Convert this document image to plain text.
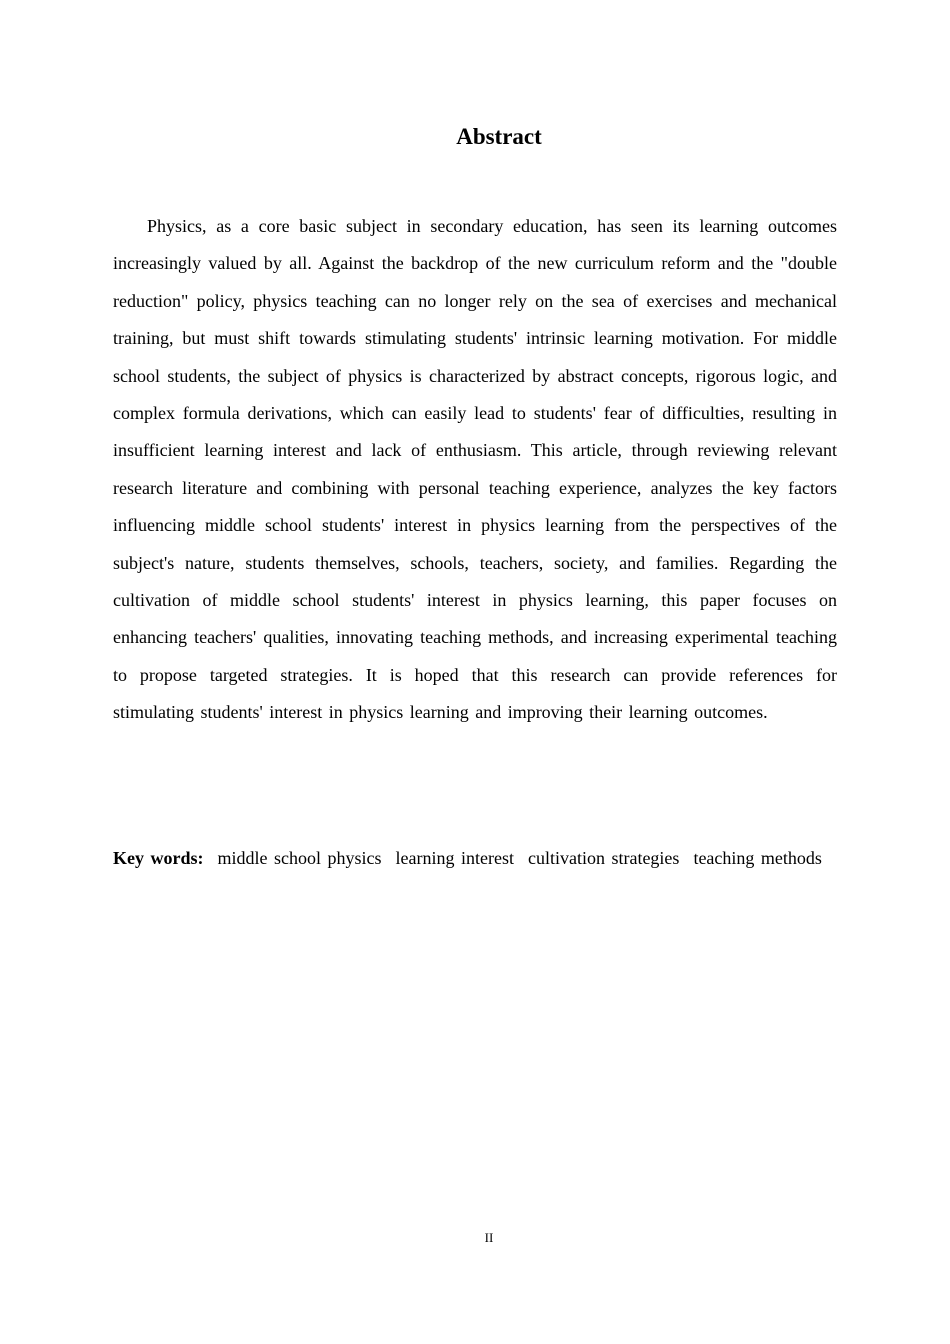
Abstract

Physics, as a core basic subject in secondary education, has seen its learning outcomes increasingly valued by all. Against the backdrop of the new curriculum reform and the "double reduction" policy, physics teaching can no longer rely on the sea of exercises and mechanical training, but must shift towards stimulating students' intrinsic learning motivation. For middle school students, the subject of physics is characterized by abstract concepts, rigorous logic, and complex formula derivations, which can easily lead to students' fear of difficulties, resulting in insufficient learning interest and lack of enthusiasm. This article, through reviewing relevant research literature and combining with personal teaching experience, analyzes the key factors influencing middle school students' interest in physics learning from the perspectives of the subject's nature, students themselves, schools, teachers, society, and families. Regarding the cultivation of middle school students' interest in physics learning, this paper focuses on enhancing teachers' qualities, innovating teaching methods, and increasing experimental teaching to propose targeted strategies. It is hoped that this research can provide references for stimulating students' interest in physics learning and improving their learning outcomes.

Key words: middle school physics learning interest cultivation strategies teaching methods

II
